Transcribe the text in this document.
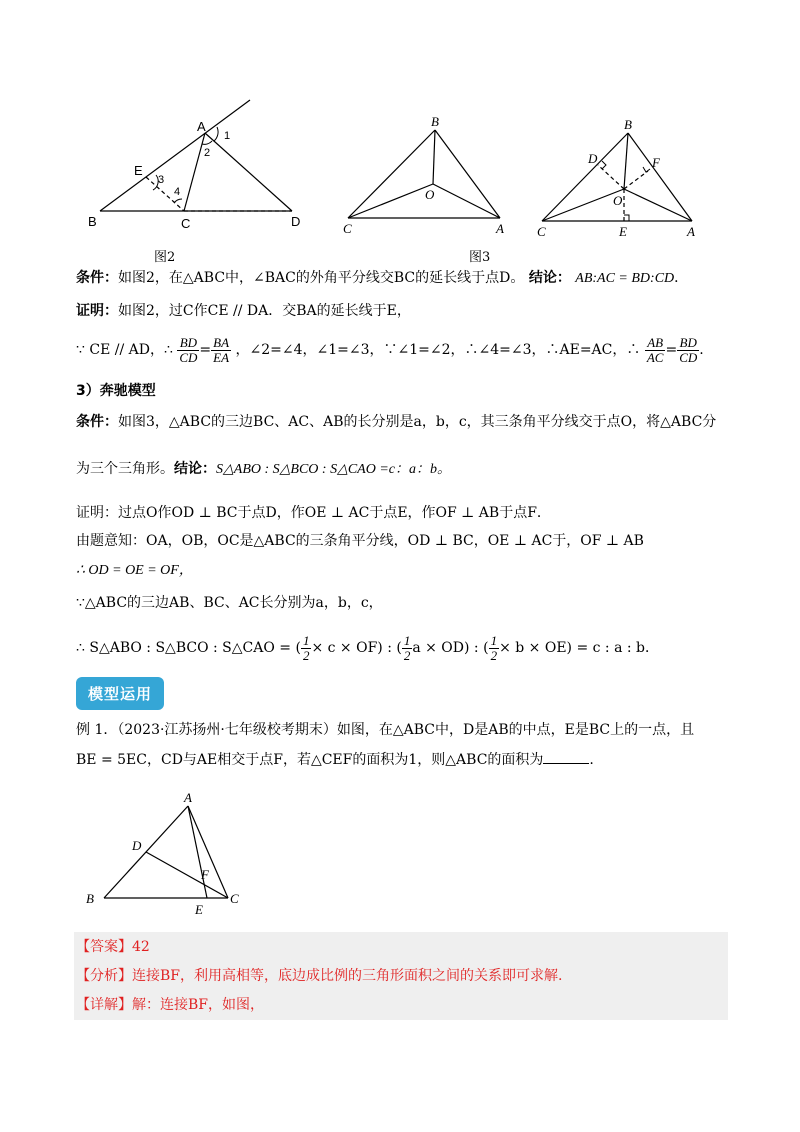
A
1
2
E
3
4
B	C	D
图2
B
O
C	A
B
D	F
O
C	E	A
图3
条件：如图2，在△ABC中，∠BAC的外角平分线交BC的延长线于点D。 结论： AB:AC = BD:CD．
证明：如图2，过C作CE // DA．交BA的延长线于E，
∵ CE // AD，∴ $\frac{BD}{CD} = \frac{BA}{EA}$ ，∠2=∠4，∠1=∠3，∵∠1=∠2，∴∠4=∠3，∴AE=AC，∴ $\frac{AB}{AC} = \frac{BD}{CD}$ .
3）奔驰模型
条件：如图3，△ABC的三边BC、AC、AB的长分别是a，b，c，其三条角平分线交于点O，将△ABC分
为三个三角形。结论：S△ABO : S△BCO : S△CAO =c：a：b。
证明：过点O作OD ⊥ BC于点D，作OE ⊥ AC于点E，作OF ⊥ AB于点F．
由题意知：OA，OB，OC是△ABC的三条角平分线，OD ⊥ BC，OE ⊥ AC于，OF ⊥ AB
∴ OD = OE = OF，
∵△ABC的三边AB、BC、AC长分别为a，b，c，
∴ S△ABO : S△BCO : S△CAO = ( $\frac{1}{2} \times c \times OF$) : ( $\frac{1}{2}$ a × OD) : ( $\frac{1}{2} \times b \times OE) = c$ : a : b．
模型运用
例 1．（2023·江苏扬州·七年级校考期末）如图，在△ABC中，D是AB的中点，E是BC上的一点，且
BE = 5EC，CD与AE相交于点F，若△CEF的面积为1，则△ABC的面积为	.
A
D
F
B
E
C
【答案】42
【分析】连接BF，利用高相等，底边成比例的三角形面积之间的关系即可求解.
【详解】解：连接BF，如图，
